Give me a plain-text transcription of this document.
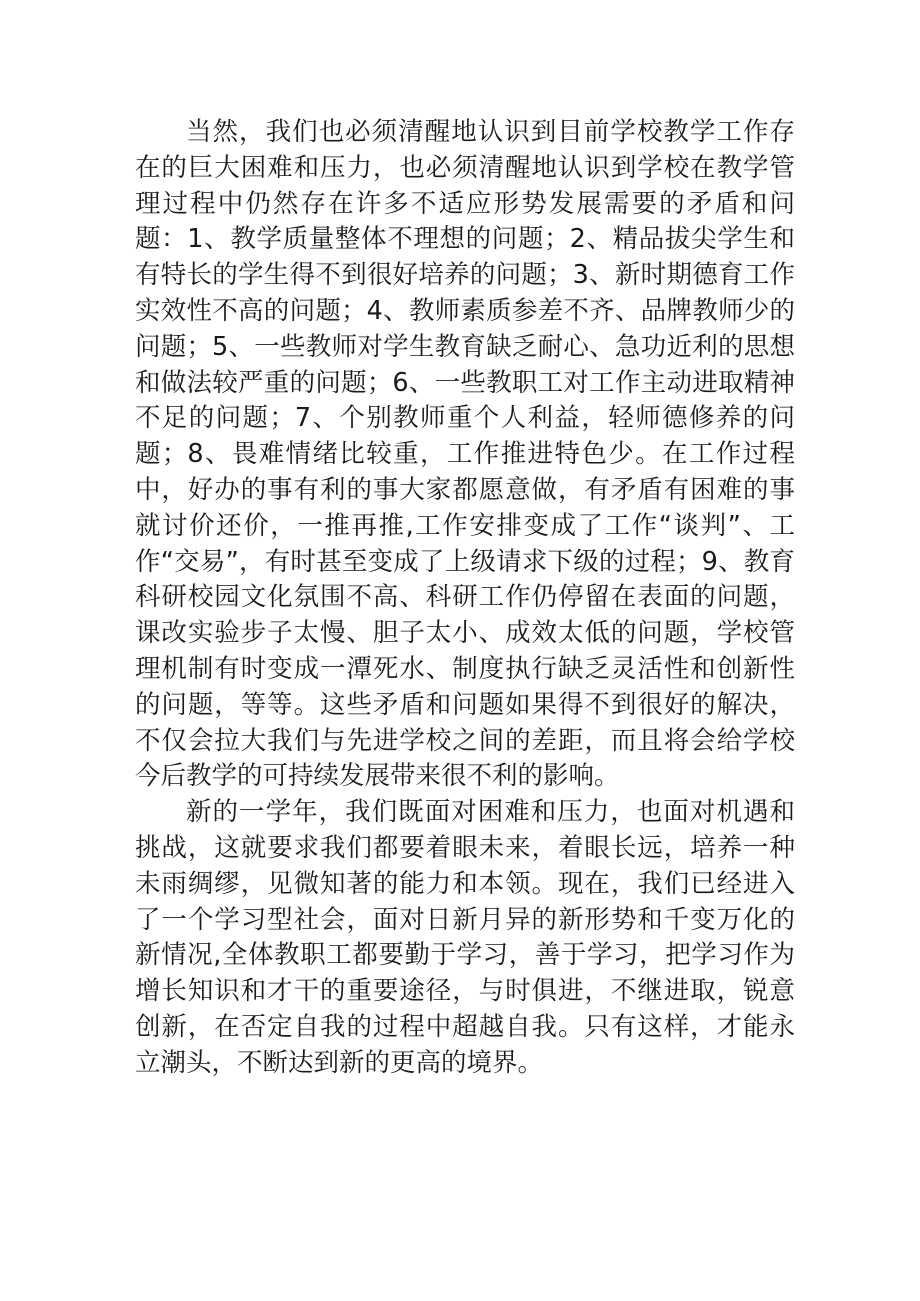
当然，我们也必须清醒地认识到目前学校教学工作存在的巨大困难和压力，也必须清醒地认识到学校在教学管理过程中仍然存在许多不适应形势发展需要的矛盾和问题：1、教学质量整体不理想的问题；2、精品拔尖学生和有特长的学生得不到很好培养的问题；3、新时期德育工作实效性不高的问题；4、教师素质参差不齐、品牌教师少的问题；5、一些教师对学生教育缺乏耐心、急功近利的思想和做法较严重的问题；6、一些教职工对工作主动进取精神不足的问题；7、个别教师重个人利益，轻师德修养的问题；8、畏难情绪比较重，工作推进特色少。在工作过程中，好办的事有利的事大家都愿意做，有矛盾有困难的事就讨价还价，一推再推,工作安排变成了工作“谈判”、工作“交易”，有时甚至变成了上级请求下级的过程；9、教育科研校园文化氛围不高、科研工作仍停留在表面的问题，课改实验步子太慢、胆子太小、成效太低的问题，学校管理机制有时变成一潭死水、制度执行缺乏灵活性和创新性的问题，等等。这些矛盾和问题如果得不到很好的解决，不仅会拉大我们与先进学校之间的差距，而且将会给学校今后教学的可持续发展带来很不利的影响。

新的一学年，我们既面对困难和压力，也面对机遇和挑战，这就要求我们都要着眼未来，着眼长远，培养一种未雨绸缪，见微知著的能力和本领。现在，我们已经进入了一个学习型社会，面对日新月异的新形势和千变万化的新情况,全体教职工都要勤于学习，善于学习，把学习作为增长知识和才干的重要途径，与时俱进，不继进取，锐意创新，在否定自我的过程中超越自我。只有这样，才能永立潮头，不断达到新的更高的境界。
